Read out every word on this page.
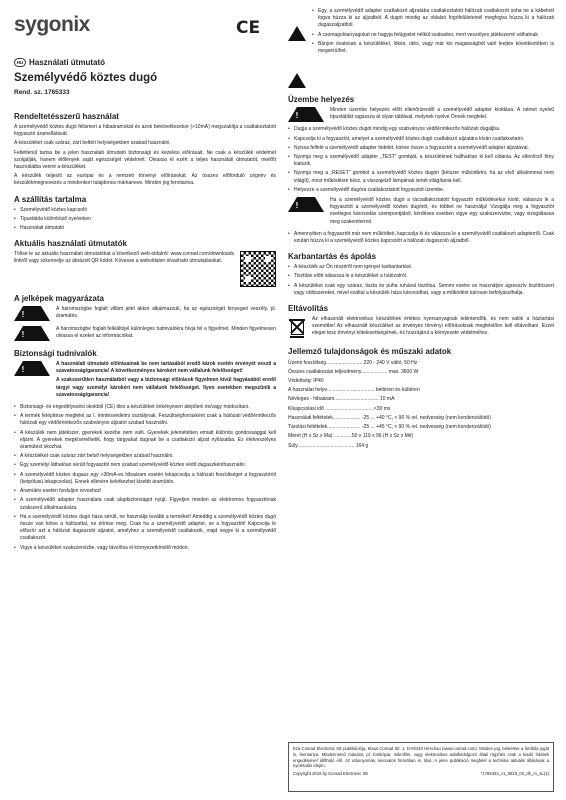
sygonix	CE
HU Használati útmutató
Személyvédő köztes dugó
Rend. sz. 1765333
Rendeltetésszerű használat

A személyvédő köztes dugó felismeri a hibaáramokat és azok bekövetkezekor (>10mA) megszakítja a csatlakoztatott fogyasztó áramellátását.

A készüléket csak száraz, zárt beltéri helyiségekben szabad használni.

Feltétlenül tartsa be a jelen használati útmutató biztonsági és kezelési előírásait. Ne csak a készülék védelmét szolgálják, hanem élőlények saját egészségét védelmét. Olvassa el ezért a teljes használati útmutatót, mielőtt használatba venné a készüléket.

A készülék teljesíti az európai és a nemzeti törvényi előírásokat. Az összes előforduló cégnév és készülékmegnevezés a mindenkori tulajdonos márkaneve. Minden jog fenntartva.

A szállítás tartalma
• Személyvédő köztes kapcsoló
• Tipustábla különböző nyelveken
• Használati útmutató
Aktuális használati útmutatók

Töltse le az aktuális használati útmutatókat a következő web-oldalról: www.conrad.com/downloads linkről vagy szkennelje az ábrázolt QR kódot. Kövesse a weboldalon olvasható útmutatásokat.

A jelképek magyarázata
!

A háromszögbe foglalt villám jelet akkor alkalmazzuk, ha az egészségét fenyegeti veszély, pl. áramütés.

!

A háromszögbe foglalt felkiáltójel különleges tudnivalókra hívja fel a figyelmet. Minden figyelmesen olvassa el ezeket az információkat.

Biztonsági tudnivalók
!

A használati útmutató előírásainak be nem tartásából eredő károk esetén érvényét veszti a szavatosság/garancia! A következményes károkért nem vállalunk felelősséget!

A szakszerűtlen használatból vagy a biztonsági előírások figyelmen kívül hagyásából eredő tárgyi vagy személyi károkért nem vállalunk felelősséget. Ilyen esetekben megszűnik a szavatosság/garancia!

• Biztonsági- és engedélyezési okokból (CE) tilos a készüléket önkényesen átépíteni és/vagy módosítani.
• A termék felépítése megfelel az I. érintésvédelmi osztálynak. Feszültségforrásként csak a hálózati védőérintkezős hálózati egy védőérintkezős szabványos aljzatot szabad használni.
• A készülék nem játékszer, gyerekek kezébe nem való. Gyerekek jelenlétében emiatt különös gondossággal kell eljárni. A gyerekek megkísérelhetik, hogy tárgyakat dugnak be a csatlakozó aljzat nyílásaiba. Ez életveszélyes áramütést okozhat.
• A készüléket csak száraz zárt belső helyiségekben szabad használni.
• Egy személyi láthatóan sérült fogyasztót nem szabad személyvédő köztes védő dugaszkénthasználni.
• A személyvédő köztes dugasz egy >30mA-es hibaáram esetén lekapcsolja a hálózati feszültséget a fogyasztóról (ketpólusú lekapcsolás). Ennek ellenére keletkezhet kisebb áramütés.
• Áramütés esetén forduljon orvoshoz!
• A személyvédő adapter használata csak alapbiztonságot nyújt. Figyeljen minden az elektromos fogyasztónak szakszerű alkalmazására.
• Ha a személyvédő köztes dugó háza sérült, ne használja tovább a terméket! Ameddig a személyvédő köztes dugó össze van kötve a hálózattal, ne érintse meg. Csak ha a személyvédő adapter, se a fogyasztót! Kapcsolja le először azt a hálózati dugaszoló aljzatot, amelyhez a személyvédő csatlakozik, majd vegye ki a személyvédő csatlakozót.
• Vigye a készüléket szakszervizbe, vagy távolítsa el környezetkímélő módon.
!
!
• Egy, a személyvédő adapter csatlakozó aljzatába csatlakoztatott hálózati csatlakozót soha ne a kábelnél fogva húzza ki az aljzatból. A dugót mindig az oldalsó fogófelületeinél megfogva húzza ki a hálózati dugaszaljzatból.
• A csomagolóanyagokat ne hagyja felügyelet nélkül szabadon, mert veszélyes játékszerré válhatnak.
• Bánjon óvatosan a készülékkel, lökés, ütés, vagy már kis magasságból való leejtés következtében is megsérülhet.
Üzembe helyezés
!

Minden üzembe helyezés előtt ellenőrizendő a személyvédő adapter kioldása. A német nyelvű típustáblát ragassza át olyan táblával, melynek nyelve Önnek megfelel.

• Dugja a személyvédő köztes dugót mindig egy szabványos védőérintkezős hálózati dugaljba.
• Kapcsolja ki a fogyasztót, amelyet a személyvédő köztes dugó csatlakozó aljzatára kíván csatlakoztatni.
• Nyissa felfelé a személyvédő adapter fedelét, köése össze a fogyasztót a személyvédő adapter aljzatával.
• Nyomja meg a személyvédő adapter „TEST” gombját, a készüléknek hallhatóan ki kell oldania. Az ellenőrző fény kialszik.
• Nyomja meg a „RESET” gombot a személyvédő köztes dugón (kétszer működtetni, ha az első alkalommal nem világít), most működésre kész, a visszajelző lámpának ismét világítania kell.
• Helyezze a személyvédő dugóra csatlakoztatott fogyasztót üzembe.
!

Ha a személyvédő köztes dugó a rácsatlakoztatott fogyasztó működésekor kiold, válassza le a fogyasztót a személyvédő köztes dugóról, és többet ne használja! Vizsgálja meg a fogyasztót esetleges károsodás szempontjából, kérdéses esetben vigye egy szakszervizbe, vagy vizsgáltassa meg szakemberrel.

• Amennyiben a fogyasztót már nem működteti, kapcsolja ki és válassza le a személyvédő csatlakozó adapterről. Csak ezután húzza ki a személyvédő köztes kapcsolót a hálózati dugaszoló aljzatból.
Karbantartás és ápolás
• A készülék az Ön részéről nem igényel karbantartást.
• Tisztítás előtt válassza le a készüléket a hálózatról.
• A készüléket csak egy száraz, tiszta és puha ruhával tisztítsa. Semmi esetre se használjon agresszív tisztítószert vagy oldószereket, mivel ezáltal a készülék háza károsodhat, vagy a működést károsan befolyásolhatja.
Eltávolítás

Az elhasznált elektronikus készülékek értékes nyersanyagnak tekintendők, és nem valók a háztartási szemétbe! Az elhasznált készüléket az érvényes törvényi előírásoknak megfelelően kell eltávolítani. Ezzel eleget tesz törvényi kötelezettségének, és hozzájárul a környezete védelméhez.

Jellemző tulajdonságok és műszaki adatok
Üzemi feszültség.......................... 220 - 240 V váltó, 50 Hz
Összes csatlakozási teljesítmény................... max. 3600 W
Védettség: IP40
A használat helye.................................. beltéren és kültéren
Névleges - hibaáram................................ 10 mA
Kikapcsolási idő ...................................<30 ms
Használati feltételek.................... -25 ... +40 °C, < 90 % rel. nedvesség (nem kondenzálódó)
Tárolási feltételek........................ -25 ... +45 °C, < 90 % rel. nedvesség (nem kondenzálódó)
Méret (H x Sz x Ma) .............50 x 119 x 96 (H x Sz x Mé)
Súly......................................... 164 g

Eza Conrad Electronic SE publikációja, Klaus Conrad Str. 1, D-92240 Hirschau (www.conrad.com). Minden jog, beleértve a fordítás jogát is, fenntartva. Mindennemű másolat, pl. fotókópia, mikrofilm, vagy elektronikus adatfeldolgozó általi rögzítés csak a kiadó írásbeli engedélyével állítható elő. Az utánnyomás, kivonatos formában is, tilos. A jelen publikáció megfelel a technika aktuális állásának a nyomtatás idején.

Copyright 2018 by Conrad Electronic SE	*1765333_v1_0818_02_dh_m_4L(1)
